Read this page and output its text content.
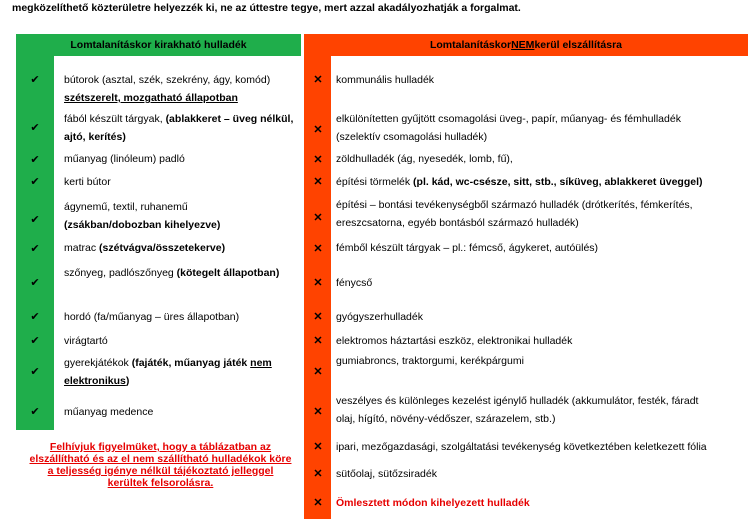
megközelíthető közterületre helyezzék ki, ne az úttestre tegye, mert azzal akadályozhatják a forgalmat.
Lomtalanításkor kirakható hulladék	Lomtalanításkor NEM kerül elszállításra
✔
✔
✔
✔
✔
✔
✔
✔
✔
✔
✔
bútorok (asztal, szék, szekrény, ágy, komód)
szétszerelt, mozgatható állapotban
fából készült tárgyak, (ablakkeret – üveg nélkül, ajtó, kerítés)
műanyag (linóleum) padló
kerti bútor
ágynemű, textil, ruhanemű
(zsákban/dobozban kihelyezve)
matrac (szétvágva/összetekerve)
szőnyeg, padlószőnyeg (kötegelt állapotban)
hordó (fa/műanyag – üres állapotban)
virágtartó
gyerekjátékok (fajáték, műanyag játék nem elektronikus)
műanyag medence
✕
✕
✕
✕
✕
✕
✕
✕
✕
✕
✕
✕
✕
✕
kommunális hulladék
elkülönítetten gyűjtött csomagolási üveg-, papír, műanyag- és fémhulladék
(szelektív csomagolási hulladék)
zöldhulladék (ág, nyesedék, lomb, fű),
építési törmelék (pl. kád, wc-csésze, sitt, stb., síküveg, ablakkeret üveggel)
építési – bontási tevékenységből származó hulladék (drótkerítés, fémkerítés,
ereszcsatorna, egyéb bontásból származó hulladék)
fémből készült tárgyak – pl.: fémcső, ágykeret, autóülés)
fénycső
gyógyszerhulladék
elektromos háztartási eszköz, elektronikai hulladék
gumiabroncs, traktorgumi, kerékpárgumi
veszélyes és különleges kezelést igénylő hulladék (akkumulátor, festék, fáradt
olaj, hígító, növény-védőszer, szárazelem, stb.)
ipari, mezőgazdasági, szolgáltatási tevékenység következtében keletkezett fólia
sütőolaj, sütőzsiradék
Ömlesztett módon kihelyezett hulladék
Felhívjuk figyelmüket, hogy a táblázatban az elszállítható és az el nem szállítható hulladékok köre a teljesség igénye nélkül tájékoztató jelleggel kerültek felsorolásra.
